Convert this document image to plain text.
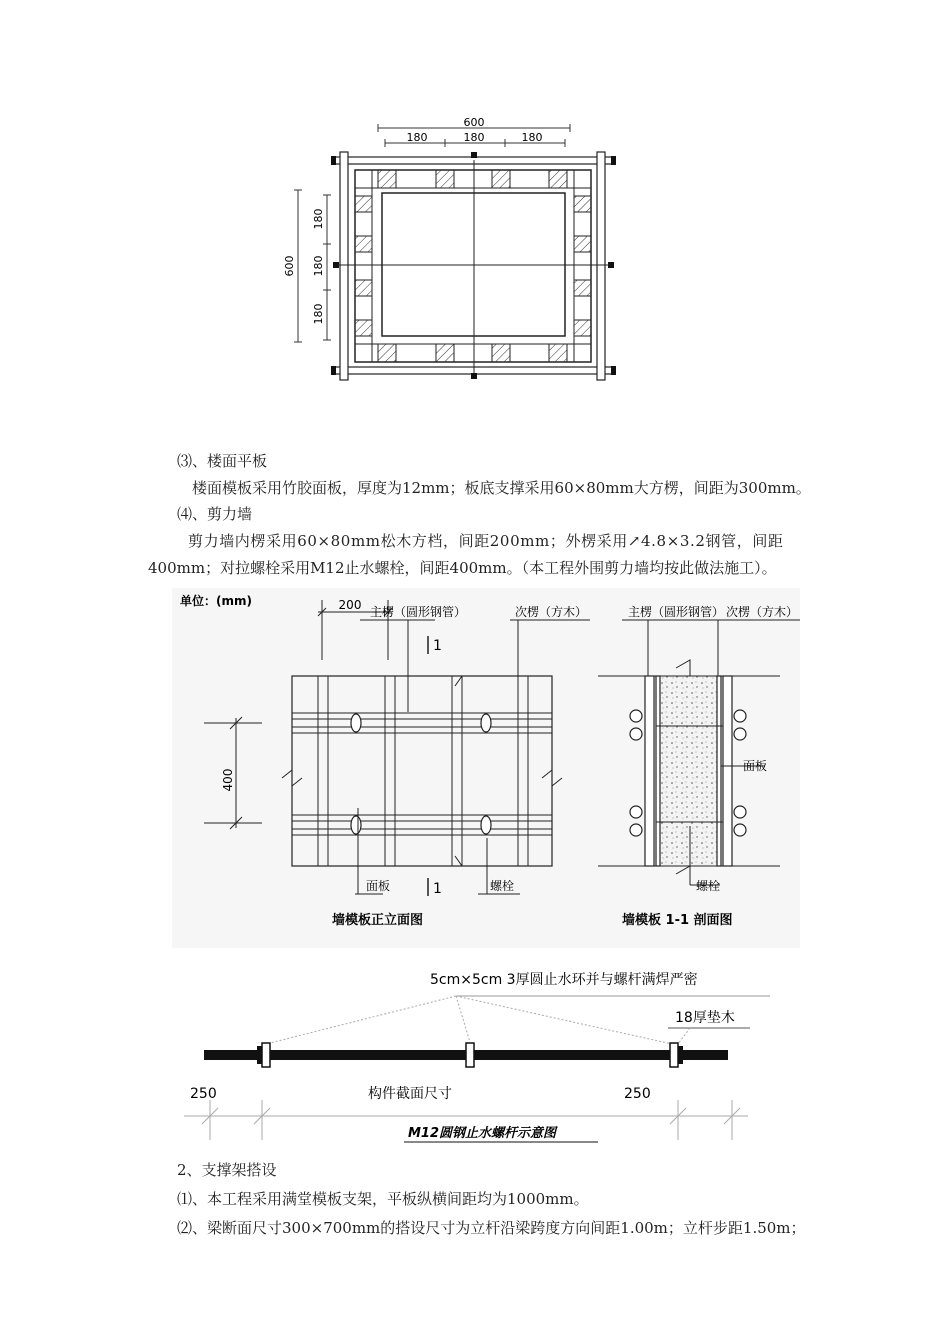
600
180	180	180
600
180
180
180
⑶、楼面平板
楼面模板采用竹胶面板，厚度为12mm；板底支撑采用60×80mm大方楞，间距为300mm。
⑷、剪力墙
剪力墙内楞采用60×80mm松木方档，间距200mm；外楞采用↗4.8×3.2钢管，间距
400mm；对拉螺栓采用M12止水螺栓，间距400mm。（本工程外围剪力墙均按此做法施工）。
单位：(mm)	200
400
1
1
主楞（圆形钢管）	次楞（方木）
面板	螺栓
墙模板正立面图
主楞（圆形钢管） 次楞（方木）
面板
螺栓
墙模板 1-1 剖面图
5cm×5cm 3厚圆止水环并与螺杆满焊严密
18厚垫木
250	构件截面尺寸	250
M12圆钢止水螺杆示意图
2、支撑架搭设
⑴、本工程采用满堂模板支架，平板纵横间距均为1000mm。
⑵、梁断面尺寸300×700mm的搭设尺寸为立杆沿梁跨度方向间距1.00m；立杆步距1.50m；
